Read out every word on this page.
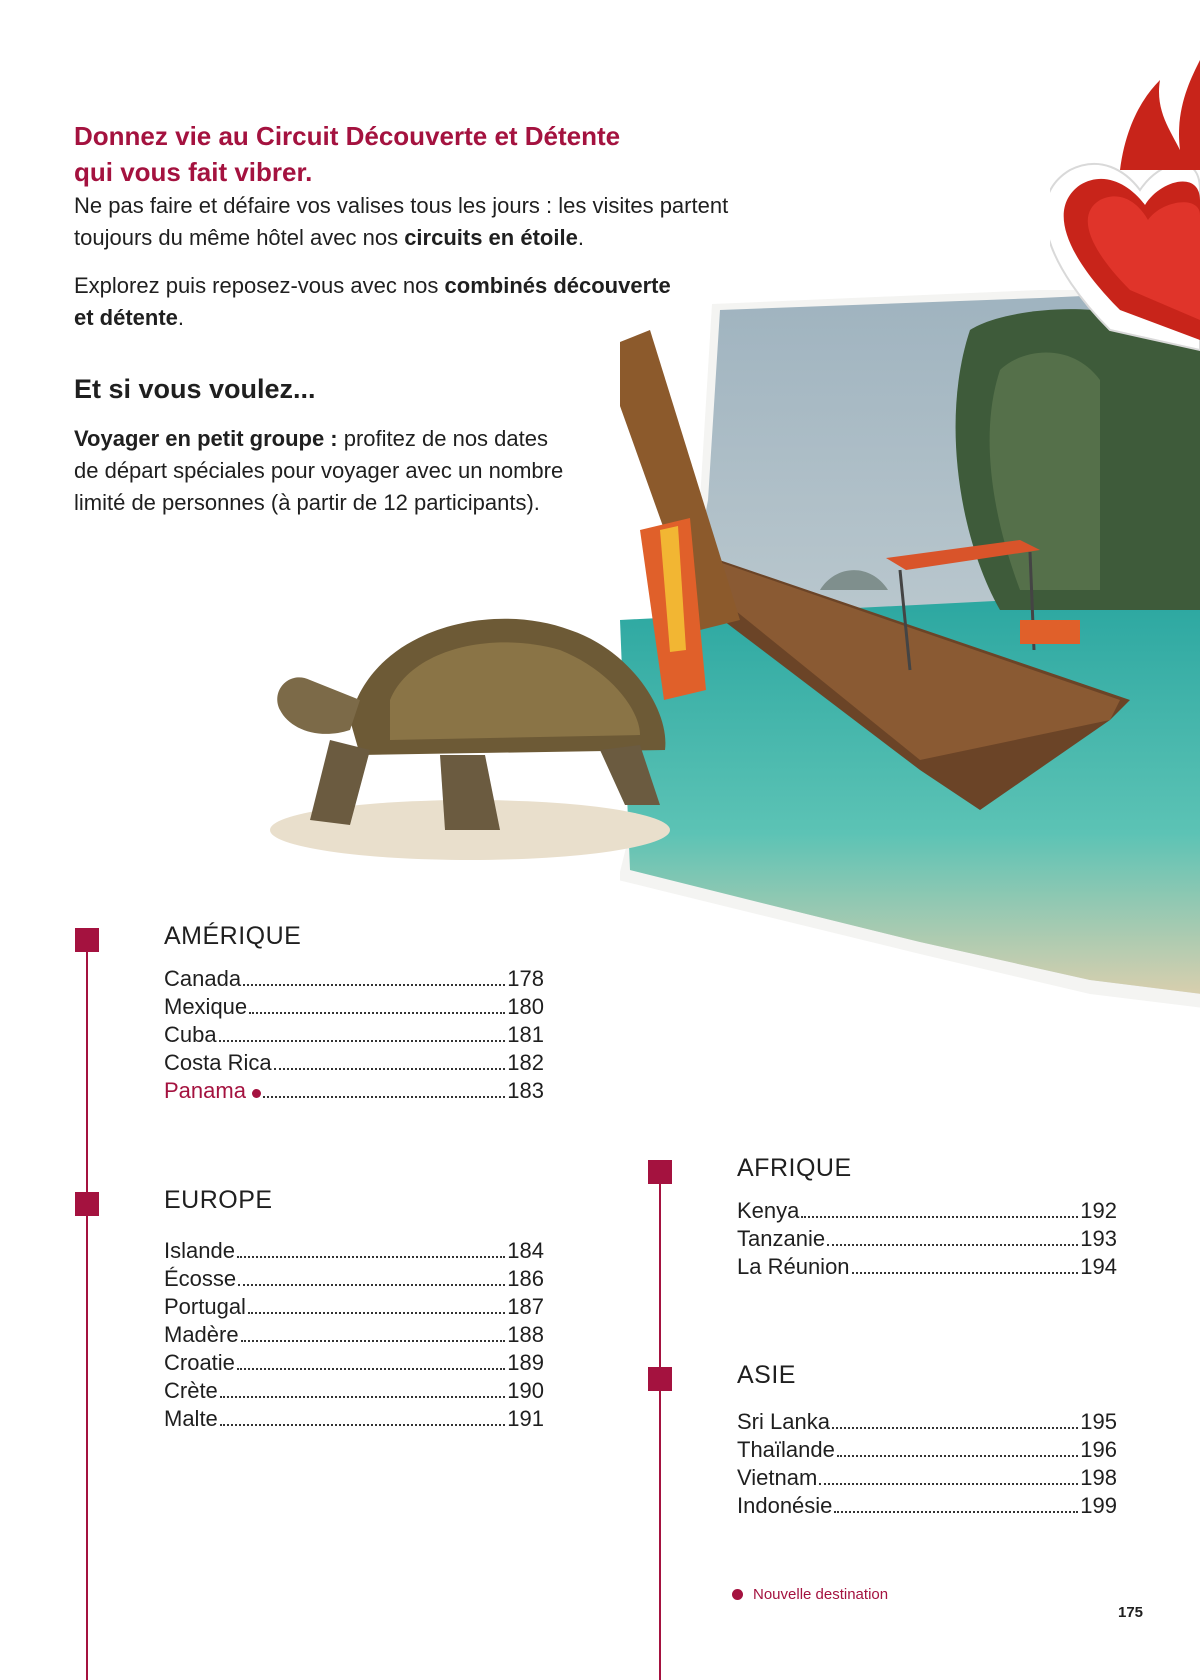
Donnez vie au Circuit Découverte et Détente
qui vous fait vibrer.

Ne pas faire et défaire vos valises tous les jours : les visites partent toujours du même hôtel avec nos circuits en étoile.

Explorez puis reposez-vous avec nos combinés découverte et détente.

Et si vous voulez...

Voyager en petit groupe : profitez de nos dates de départ spéciales pour voyager avec un nombre limité de personnes (à partir de 12 participants).

AMÉRIQUE
Canada	178
Mexique	180
Cuba	181
Costa Rica	182
Panama	183
EUROPE
Islande	184
Écosse	186
Portugal	187
Madère	188
Croatie	189
Crète	190
Malte	191
AFRIQUE
Kenya	192
Tanzanie	193
La Réunion	194
ASIE
Sri Lanka	195
Thaïlande	196
Vietnam	198
Indonésie	199
Nouvelle destination
175
